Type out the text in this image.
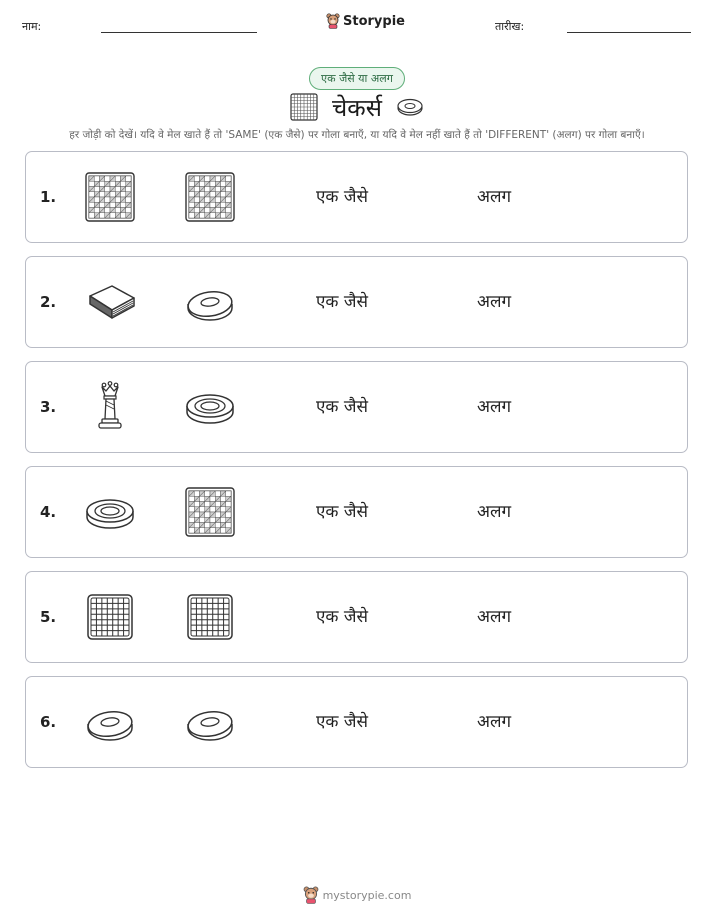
नाम:	Storypie	तारीख:
एक जैसे या अलग
चेकर्स
हर जोड़ी को देखें। यदि वे मेल खाते हैं तो 'SAME' (एक जैसे) पर गोला बनाएँ, या यदि वे मेल नहीं खाते हैं तो 'DIFFERENT' (अलग) पर गोला बनाएँ।
1.	एक जैसे	अलग
2.	एक जैसे	अलग
3.	एक जैसे	अलग
4.	एक जैसे	अलग
5.	एक जैसे	अलग
6.	एक जैसे	अलग
mystorypie.com
